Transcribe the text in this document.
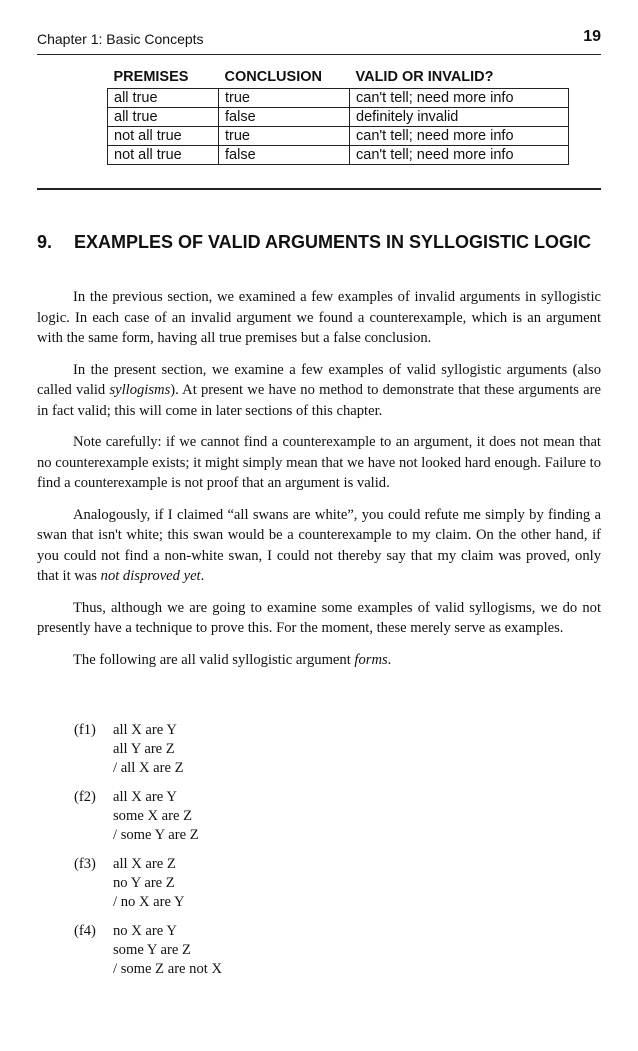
Chapter 1: Basic Concepts	19
PREMISES	CONCLUSION	VALID OR INVALID?
all true	true	can't tell; need more info
all true	false	definitely invalid
not all true	true	can't tell; need more info
not all true	false	can't tell; need more info
9. EXAMPLES OF VALID ARGUMENTS IN SYLLOGISTIC LOGIC

In the previous section, we examined a few examples of invalid arguments in syllogistic logic. In each case of an invalid argument we found a counterexample, which is an argument with the same form, having all true premises but a false conclusion.

In the present section, we examine a few examples of valid syllogistic arguments (also called valid syllogisms). At present we have no method to demonstrate that these arguments are in fact valid; this will come in later sections of this chapter.

Note carefully: if we cannot find a counterexample to an argument, it does not mean that no counterexample exists; it might simply mean that we have not looked hard enough. Failure to find a counterexample is not proof that an argument is valid.

Analogously, if I claimed “all swans are white”, you could refute me simply by finding a swan that isn't white; this swan would be a counterexample to my claim. On the other hand, if you could not find a non-white swan, I could not thereby say that my claim was proved, only that it was not disproved yet.

Thus, although we are going to examine some examples of valid syllogisms, we do not presently have a technique to prove this. For the moment, these merely serve as examples.

The following are all valid syllogistic argument forms.

(f1) all X are Y
all Y are Z
/ all X are Z
(f2) all X are Y
some X are Z
/ some Y are Z
(f3) all X are Z
no Y are Z
/ no X are Y
(f4) no X are Y
some Y are Z
/ some Z are not X
